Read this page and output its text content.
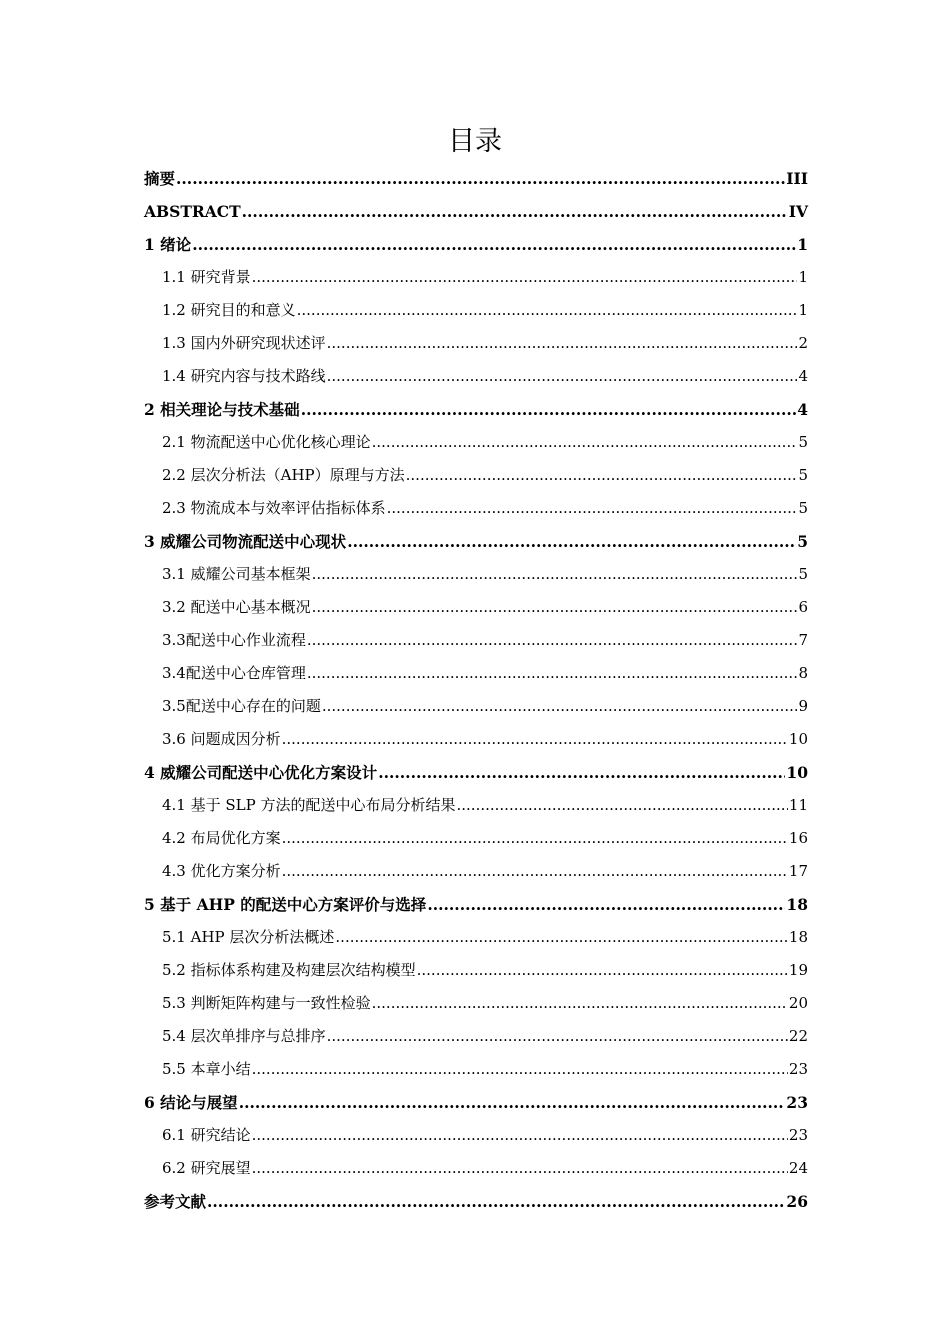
目录
摘要 .....	III
ABSTRACT .....	IV
1 绪论 .....	1
1.1 研究背景 .....	1
1.2 研究目的和意义 .....	1
1.3 国内外研究现状述评 .....	2
1.4 研究内容与技术路线 .....	4
2 相关理论与技术基础 .....	4
2.1 物流配送中心优化核心理论 .....	5
2.2 层次分析法（AHP）原理与方法 .....	5
2.3 物流成本与效率评估指标体系 .....	5
3 威耀公司物流配送中心现状 .....	5
3.1 威耀公司基本框架 .....	5
3.2 配送中心基本概况 .....	6
3.3配送中心作业流程 .....	7
3.4配送中心仓库管理 .....	8
3.5配送中心存在的问题 .....	9
3.6 问题成因分析 .....	10
4 威耀公司配送中心优化方案设计 .....	10
4.1 基于 SLP 方法的配送中心布局分析结果 .....	11
4.2 布局优化方案 .....	16
4.3 优化方案分析 .....	17
5 基于 AHP 的配送中心方案评价与选择 .....	18
5.1 AHP 层次分析法概述 .....	18
5.2 指标体系构建及构建层次结构模型 .....	19
5.3 判断矩阵构建与一致性检验 .....	20
5.4 层次单排序与总排序 .....	22
5.5 本章小结 .....	23
6 结论与展望 .....	23
6.1 研究结论 .....	23
6.2 研究展望 .....	24
参考文献 .....	26
